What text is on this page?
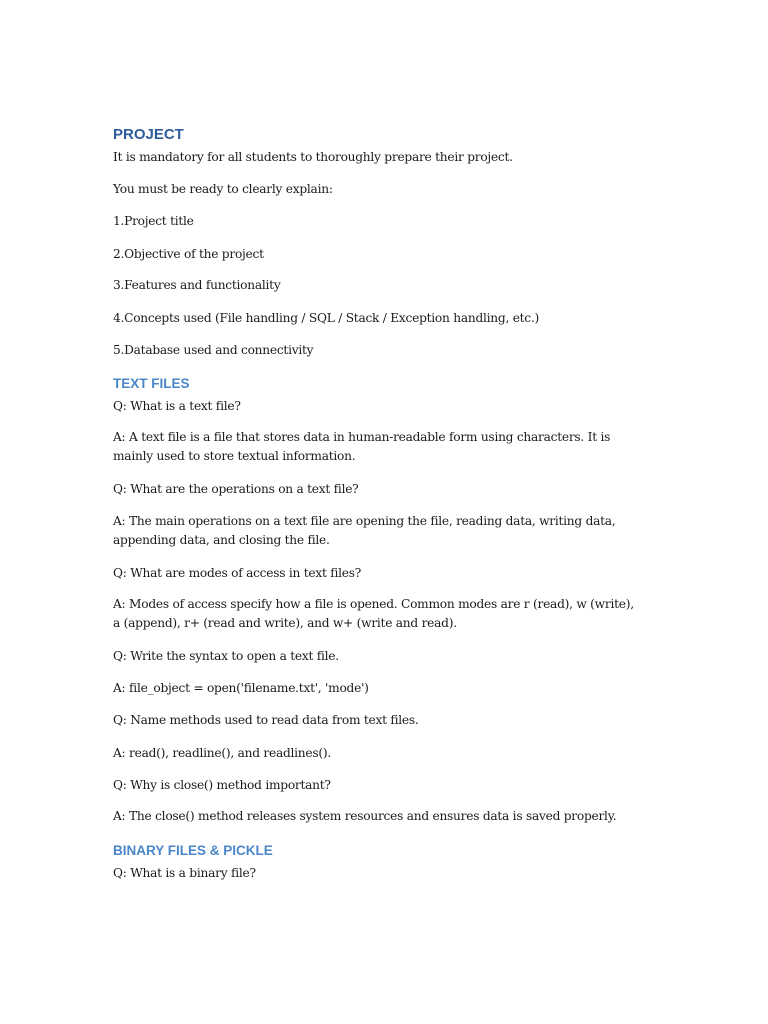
PROJECT
It is mandatory for all students to thoroughly prepare their project.
You must be ready to clearly explain:
1.Project title
2.Objective of the project
3.Features and functionality
4.Concepts used (File handling / SQL / Stack / Exception handling, etc.)
5.Database used and connectivity
TEXT FILES
Q: What is a text file?
A: A text file is a file that stores data in human-readable form using characters. It is mainly used to store textual information.
Q: What are the operations on a text file?
A: The main operations on a text file are opening the file, reading data, writing data, appending data, and closing the file.
Q: What are modes of access in text files?
A: Modes of access specify how a file is opened. Common modes are r (read), w (write), a (append), r+ (read and write), and w+ (write and read).
Q: Write the syntax to open a text file.
A: file_object = open('filename.txt', 'mode')
Q: Name methods used to read data from text files.
A: read(), readline(), and readlines().
Q: Why is close() method important?
A: The close() method releases system resources and ensures data is saved properly.
BINARY FILES & PICKLE
Q: What is a binary file?
